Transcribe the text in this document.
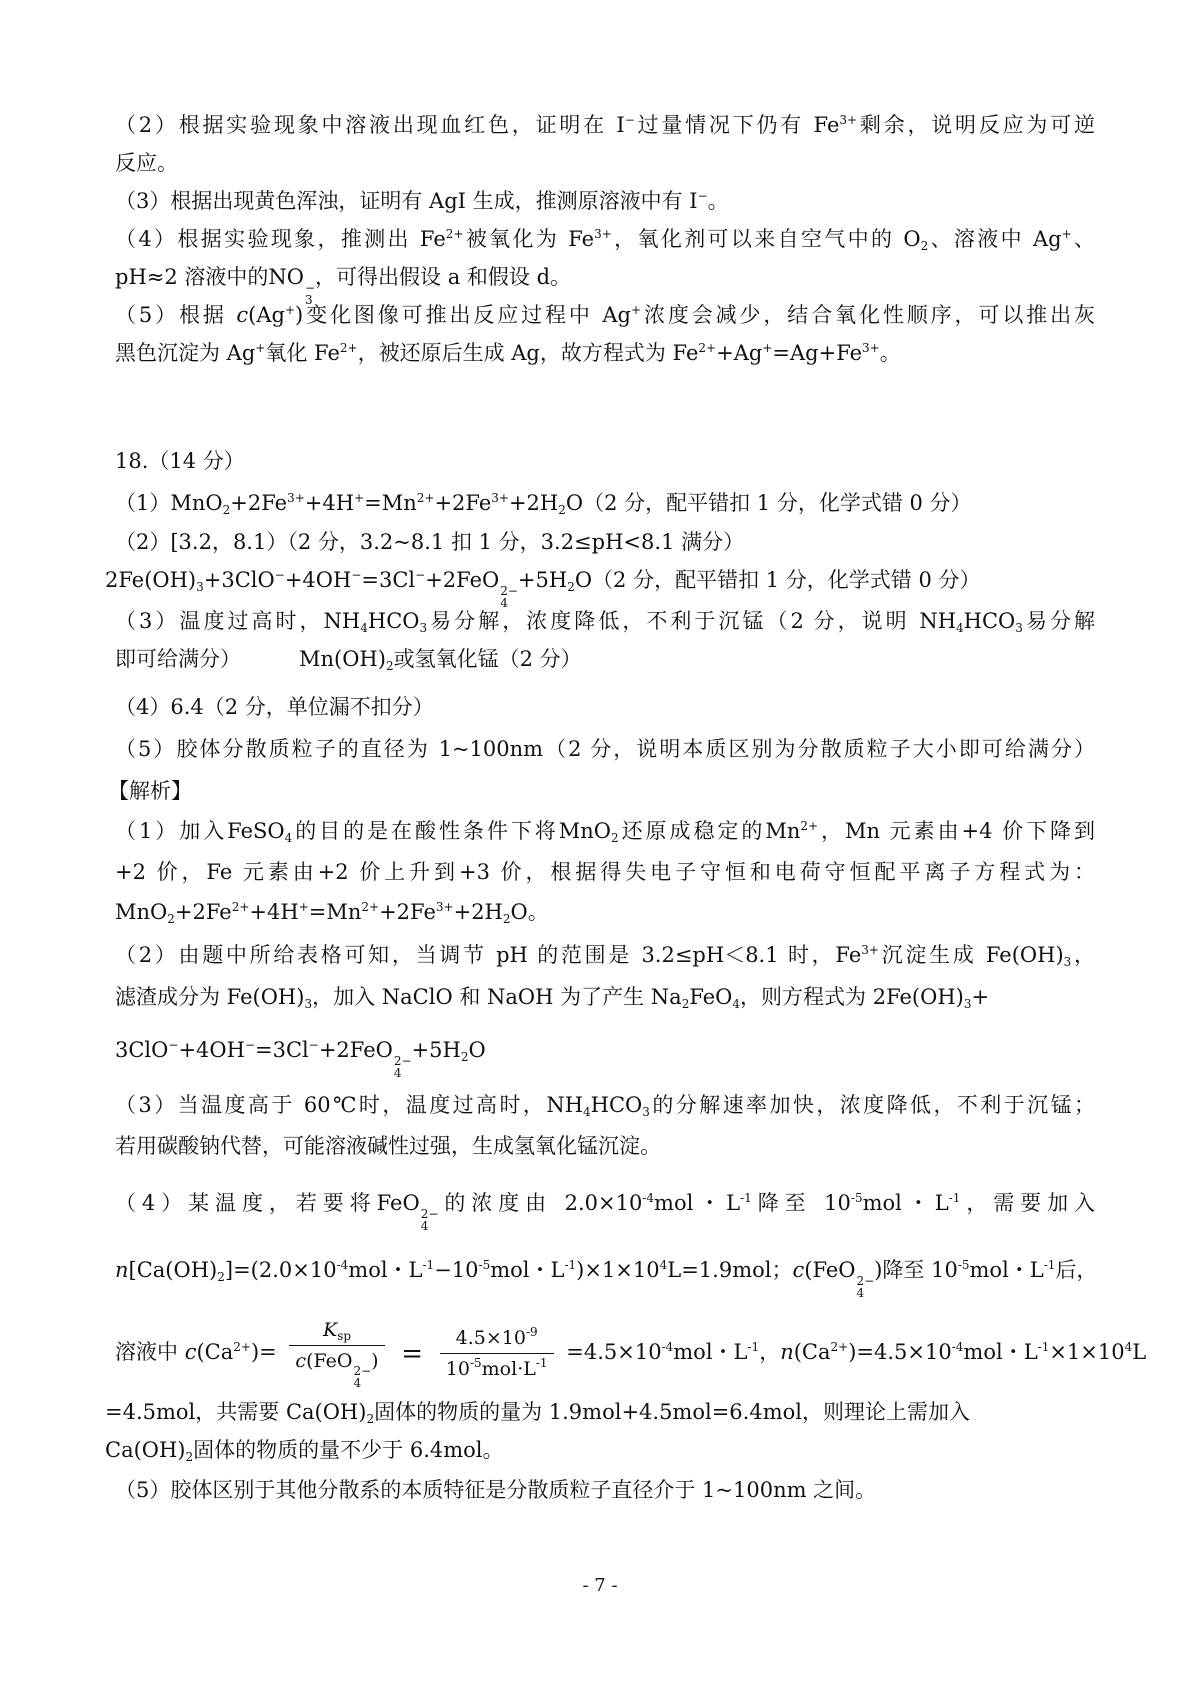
（2）根据实验现象中溶液出现血红色，证明在 I−过量情况下仍有 $Fe^{3+}$剩余，说明反应为可逆
反应。
（3）根据出现黄色浑浊，证明有 AgI 生成，推测原溶液中有 I−。
（4）根据实验现象，推测出 $Fe^{2+}$被氧化为 $Fe^{3+}$，氧化剂可以来自空气中的 $O_2$、溶液中 Ag+、
pH≈2 溶液中的NO −
3
，可得出假设 a 和假设 d。
（5）根据 c(Ag+)变化图像可推出反应过程中 Ag+浓度会减少，结合氧化性顺序，可以推出灰
黑色沉淀为 Ag+氧化 $Fe^{2+}$，被还原后生成 Ag，故方程式为 $Fe^{2+}+Ag^+=Ag+Fe^{3+}$。
18.（14 分）
$(1)MnO_2+2Fe^{3+}+4H^+=Mn^{2+}+2Fe^{3+}+2H_2O(2$ 分，配平错扣 1 分，化学式错 0 分）
（2）[3.2，8.1）（2 分，3.2~8.1 扣 1 分，3.2≤pH<8.1 满分）
$2Fe(OH)_3+3ClO^-+4OH^-=3Cl^-+2FeO$ 2−
4
$+5H_2O(2$ 分，配平错扣 1 分，化学式错 0 分）
（3）温度过高时，$NH_4HCO_3$易分解，浓度降低，不利于沉锰（2 分，说明 $NH_4HCO_3$易分解
即可给满分）	$Mn(OH)_2$或氢氧化锰（2 分）
（4）6.4（2 分，单位漏不扣分）
（5）胶体分散质粒子的直径为 1~100nm（2 分，说明本质区别为分散质粒子大小即可给满分）
【解析】
（1）加入FeSO$_4$的目的是在酸性条件下将MnO$_2$还原成稳定的$Mn^{2+}$，Mn 元素由+4 价下降到
+2 价，Fe 元素由+2 价上升到+3 价，根据得失电子守恒和电荷守恒配平离子方程式为：
$MnO_2+2Fe^{2+}+4H^+=Mn^{2+}+2Fe^{3+}+2H_2O$。
（2）由题中所给表格可知，当调节 pH 的范围是 3.2≤pH＜8.1 时，$Fe^{3+}$沉淀生成 $Fe(OH)_3$，
滤渣成分为 $Fe(OH)_3$，加入 NaClO 和 NaOH 为了产生 $Na_2FeO_4$，则方程式为 $2Fe(OH)_3+$
3ClO−+4OH−=3Cl−+2FeO 2−
4
$+5H_2O$
（3）当温度高于 60℃时，温度过高时，$NH_4HCO_3$的分解速率加快，浓度降低，不利于沉锰；
若用碳酸钠代替，可能溶液碱性过强，生成氢氧化锰沉淀。
（4）某温度，若要将FeO 2−
4
的浓度由 $2.0\times 10^{-4}mol$・$L^{-1}$降至 $10^{-5}mol$・$L^{-1}$，需要加入
$n[Ca(OH)_2]=(2.0\times 10^{-4}mol$・$L^{-1}-10^{-5}mol$・$L^{-1})\times 1\times 10^4L=1.9mol$；c(FeO 2−
4
)降至 $10^{-5}mol$・$L^{-1}$后，
溶液中 $c(Ca^{2+})= K_{sp}$
c(FeO 2−
4
) = $\frac{4.5\times 10^{-9}}{10^{-5}mol\cdot L^{-1}} =4.5\times 10^{-4}mol$・$L^{-1}$，$n(Ca^{2+})=4.5\times 10^{-4}mol$・$L^{-1}\times 1\times 10^4L$
=4.5mol，共需要 $Ca(OH)_2$固体的物质的量为 1.9mol+4.5mol=6.4mol，则理论上需加入
$Ca(OH)_2$固体的物质的量不少于 6.4mol。
（5）胶体区别于其他分散系的本质特征是分散质粒子直径介于 1~100nm 之间。
- 7 -
